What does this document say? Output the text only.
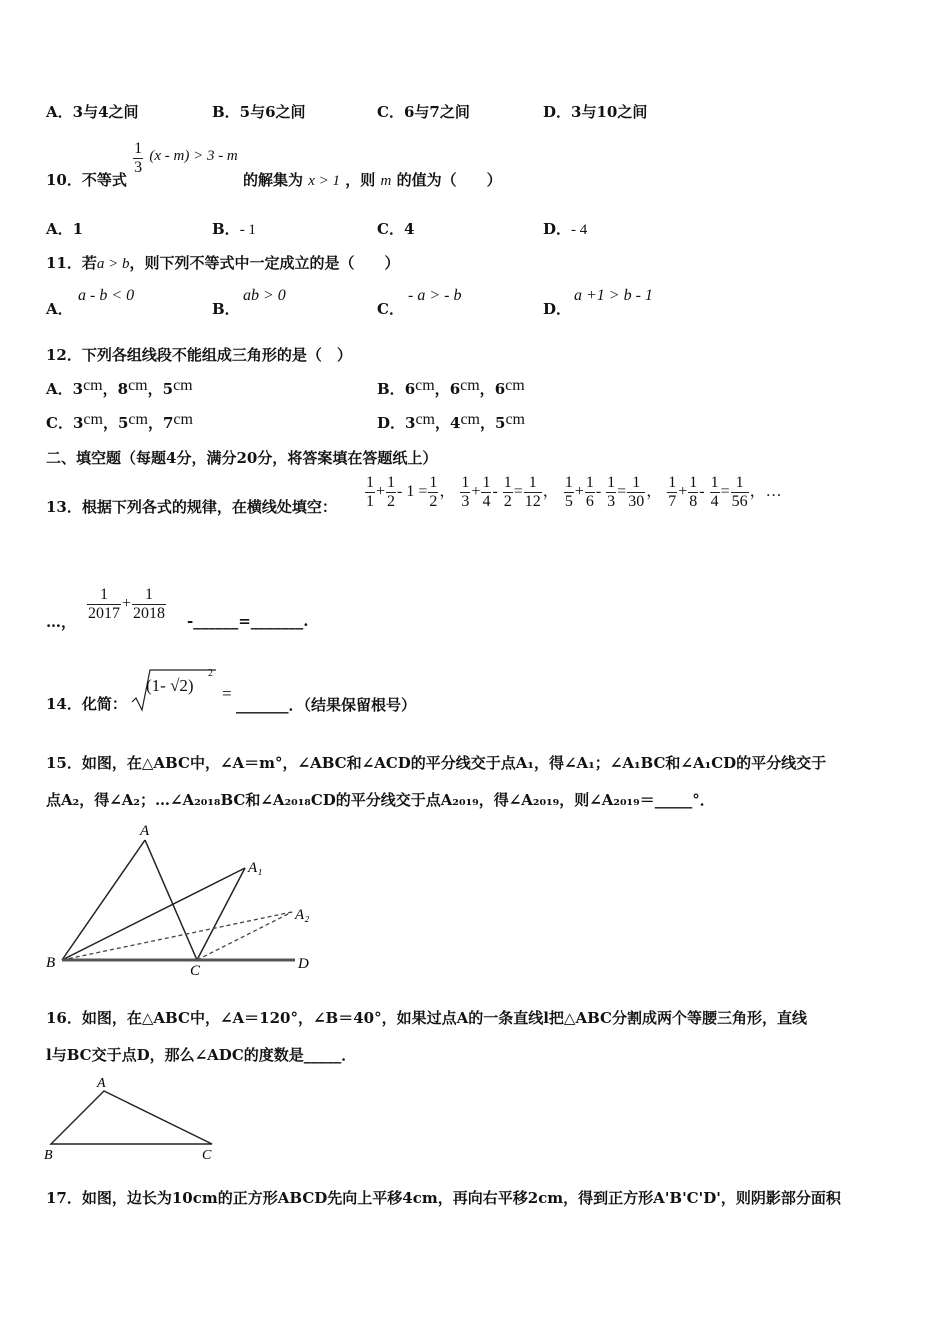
A．3与4之间	B．5与6之间	C．6与7之间	D．3与10之间
10．不等式
$\frac{1}{3} (x - m) > 3 - m$ 的解集为 x > 1 ，则 m 的值为（　　）
A．1	B．- 1	C．4	D．- 4
11．若a > b，则下列不等式中一定成立的是（　　）
A．
a - b < 0
B．
ab > 0
C．
- a > - b
D．
a +1 > b - 1
12．下列各组线段不能组成三角形的是（　）
A．3cm，8cm，5cm	B．6cm，6cm，6cm
C．3cm，5cm，7cm	D．3cm，4cm，5cm
二、填空题（每题4分，满分20分，将答案填在答题纸上）
13．根据下列各式的规律，在横线处填空： $\frac{1}{1} + \frac{1}{2} - 1 = \frac{1}{2}$ ， $\frac{1}{3} + \frac{1}{4} - \frac{1}{2} = \frac{1}{12}$ ， $\frac{1}{5} + \frac{1}{6} - \frac{1}{3} = \frac{1}{30}$ ， $\frac{1}{7} + \frac{1}{8} - \frac{1}{4} = \frac{1}{56}$ ，…
…， $\frac{1}{2017} + \frac{1}{2018}$ -______=_______.
14．化简：
(1- √2)
2
=
_______．（结果保留根号）
15．如图，在△ABC中，∠A＝m°，∠ABC和∠ACD的平分线交于点A₁，得∠A₁；∠A₁BC和∠A₁CD的平分线交于
点A₂，得∠A₂；…∠A₂₀₁₈BC和∠A₂₀₁₈CD的平分线交于点A₂₀₁₉，得∠A₂₀₁₉，则∠A₂₀₁₉＝_____°．
A
A₁
A₂
B	C	D
16．如图，在△ABC中，∠A＝120°，∠B＝40°，如果过点A的一条直线l把△ABC分割成两个等腰三角形，直线
l与BC交于点D，那么∠ADC的度数是_____．
A
B	C
17．如图，边长为10cm的正方形ABCD先向上平移4cm，再向右平移2cm，得到正方形A'B'C'D'，则阴影部分面积
